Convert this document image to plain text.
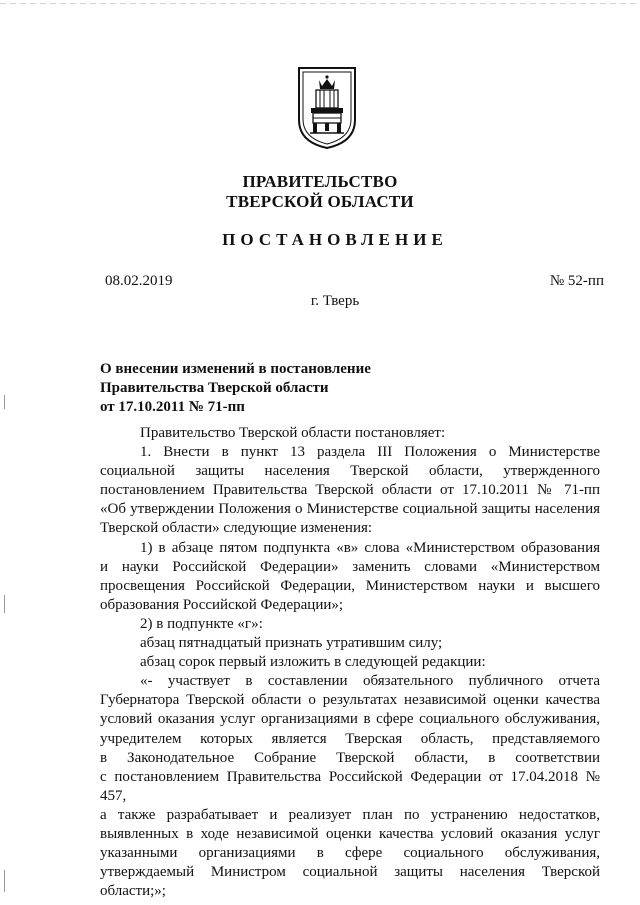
ПРАВИТЕЛЬСТВО
ТВЕРСКОЙ ОБЛАСТИ
ПОСТАНОВЛЕНИЕ
08.02.2019	№ 52-пп
г. Тверь
О внесении изменений в постановление
Правительства Тверской области
от 17.10.2011 № 71-пп

Правительство Тверской области постановляет:

1. Внести в пункт 13 раздела III Положения о Министерстве
социальной защиты населения Тверской области, утвержденного
постановлением Правительства Тверской области от 17.10.2011 № 71-пп
«Об утверждении Положения о Министерстве социальной защиты населения
Тверской области» следующие изменения:

1) в абзаце пятом подпункта «в» слова «Министерством образования
и науки Российской Федерации» заменить словами «Министерством
просвещения Российской Федерации, Министерством науки и высшего
образования Российской Федерации»;

2) в подпункте «г»:

абзац пятнадцатый признать утратившим силу;

абзац сорок первый изложить в следующей редакции:

«- участвует в составлении обязательного публичного отчета
Губернатора Тверской области о результатах независимой оценки качества
условий оказания услуг организациями в сфере социального обслуживания,
учредителем которых является Тверская область, представляемого
в Законодательное Собрание Тверской области, в соответствии
с постановлением Правительства Российской Федерации от 17.04.2018 № 457,
а также разрабатывает и реализует план по устранению недостатков,
выявленных в ходе независимой оценки качества условий оказания услуг
указанными организациями в сфере социального обслуживания,
утверждаемый Министром социальной защиты населения Тверской области;»;
